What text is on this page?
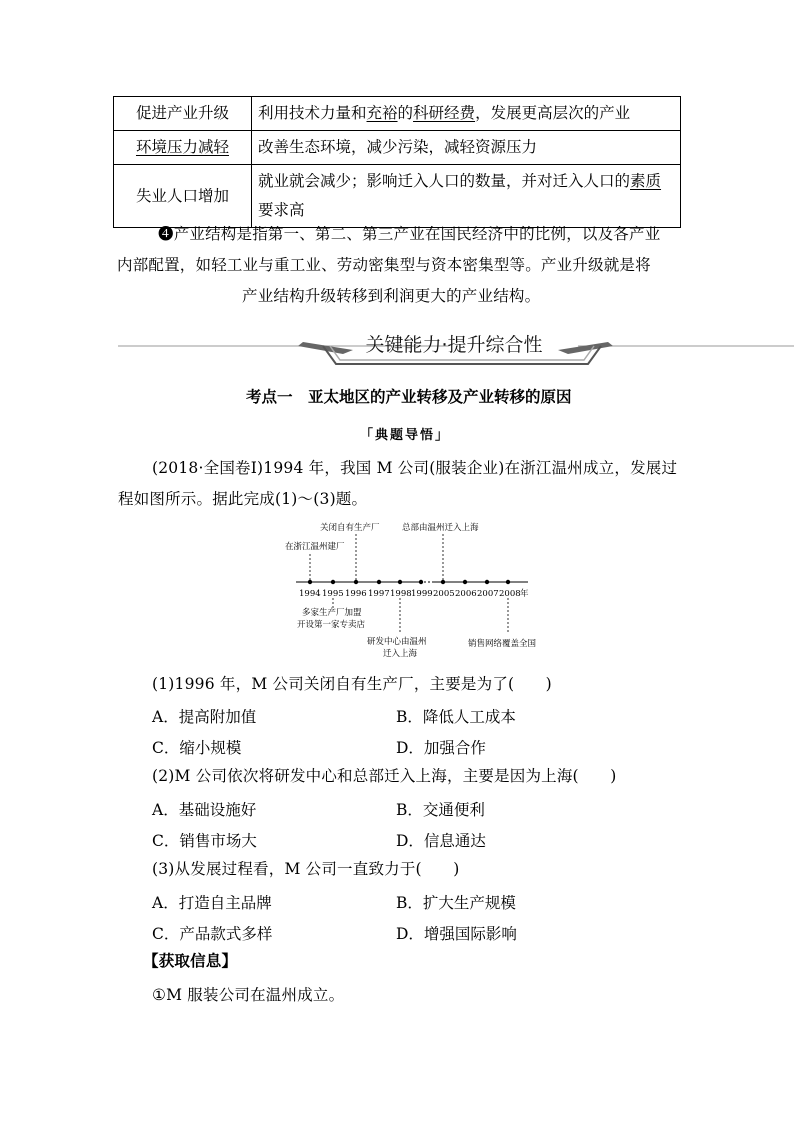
促进产业升级	利用技术力量和充裕的科研经费，发展更高层次的产业
环境压力减轻	改善生态环境，减少污染，减轻资源压力
失业人口增加	就业就会减少；影响迁入人口的数量，并对迁入人口的素质要求高
❹产业结构是指第一、第二、第三产业在国民经济中的比例，以及各产业
内部配置，如轻工业与重工业、劳动密集型与资本密集型等。产业升级就是将
产业结构升级转移到利润更大的产业结构。
关键能力·提升综合性
考点一　亚太地区的产业转移及产业转移的原因
「典题导悟」
(2018·全国卷Ⅰ)1994 年，我国 M 公司(服装企业)在浙江温州成立，发展过
程如图所示。据此完成(1)～(3)题。
1994 1995 1996 1997 1998 1999 2005 2006 2007 2008 年
在浙江温州建厂
关闭自有生产厂	总部由温州迁入上海
多家生产厂加盟
开设第一家专卖店
研发中心由温州
迁入上海
销售网络覆盖全国
(1)1996 年，M 公司关闭自有生产厂，主要是为了(　　)
A．提高附加值	B．降低人工成本
C．缩小规模	D．加强合作
(2)M 公司依次将研发中心和总部迁入上海，主要是因为上海(　　)
A．基础设施好	B．交通便利
C．销售市场大	D．信息通达
(3)从发展过程看，M 公司一直致力于(　　)
A．打造自主品牌	B．扩大生产规模
C．产品款式多样	D．增强国际影响
【获取信息】
①M 服装公司在温州成立。
